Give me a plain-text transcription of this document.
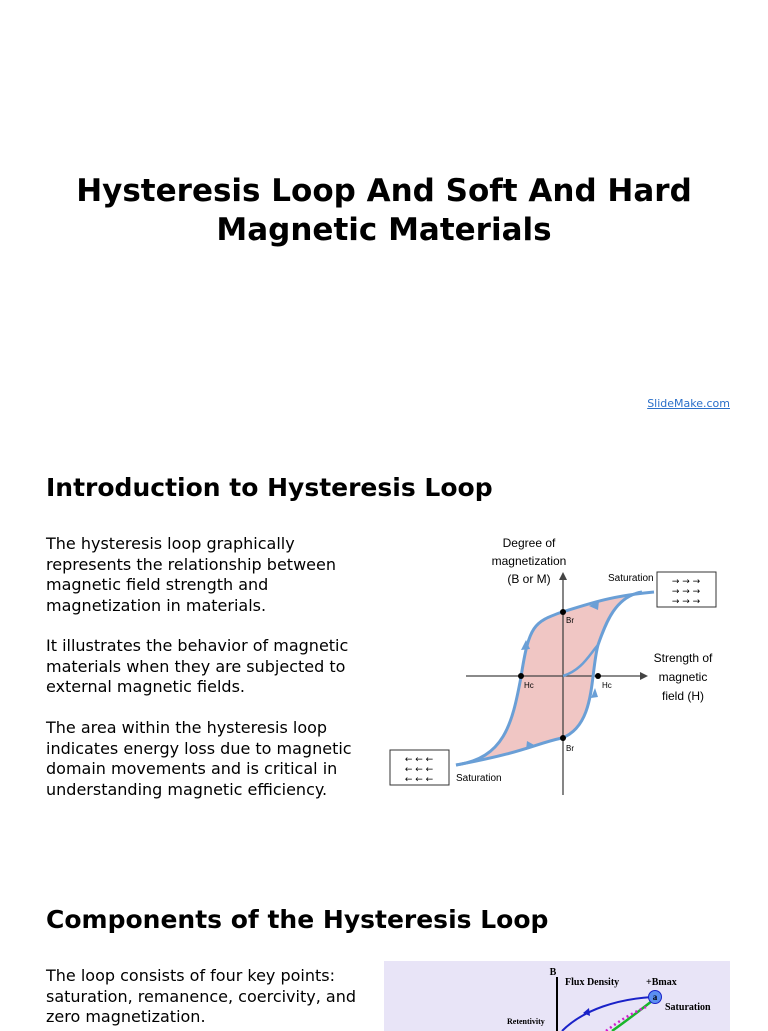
Hysteresis Loop And Soft And Hard Magnetic Materials
SlideMake.com
Introduction to Hysteresis Loop

The hysteresis loop graphically represents the relationship between magnetic field strength and magnetization in materials.

It illustrates the behavior of magnetic materials when they are subjected to external magnetic fields.

The area within the hysteresis loop indicates energy loss due to magnetic domain movements and is critical in understanding magnetic efficiency.

Degree of
magnetization
(B or M)
Strength of
magnetic
field (H)
Saturation
Saturation
Br
Br
Hc	Hc
→ → →
→ → →
→ → →
← ← ←
← ← ←
← ← ←
Components of the Hysteresis Loop

The loop consists of four key points: saturation, remanence, coercivity, and zero magnetization.

B
Flux Density	+Bmax
Saturation
Retentivity
a
